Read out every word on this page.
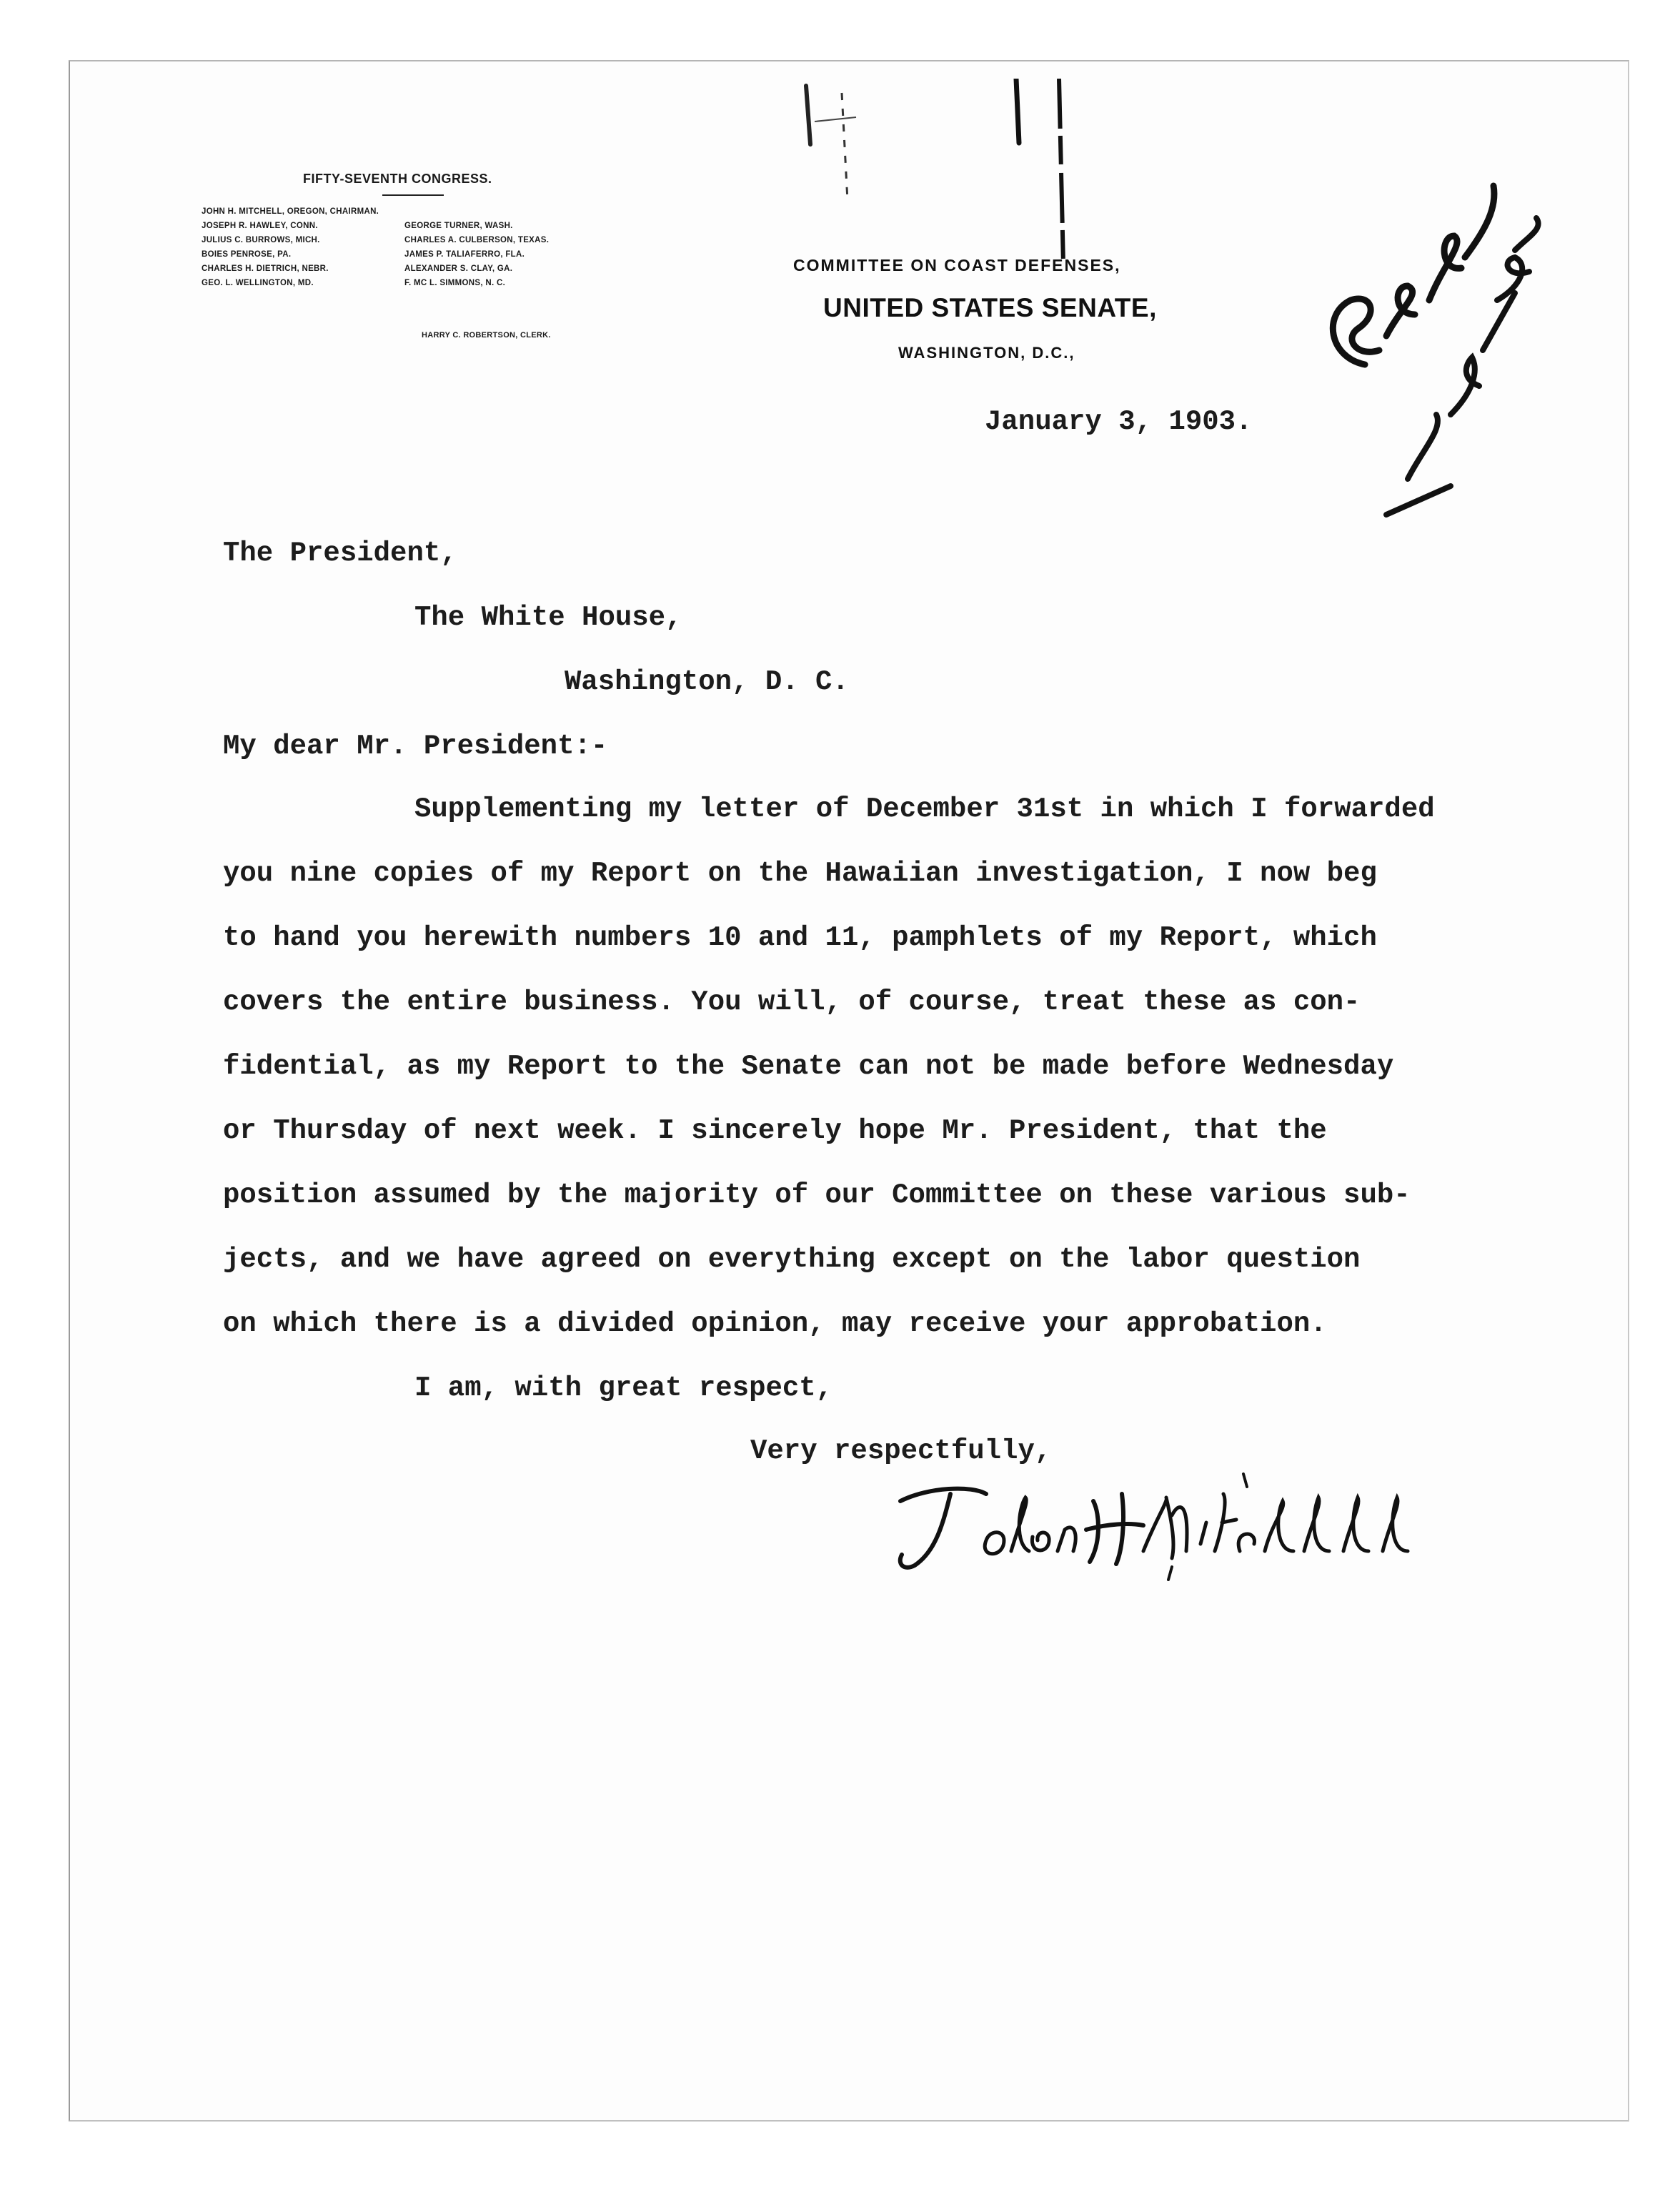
FIFTY-SEVENTH CONGRESS.
JOHN H. MITCHELL, OREGON, CHAIRMAN.
JOSEPH R. HAWLEY, CONN.	GEORGE TURNER, WASH.
JULIUS C. BURROWS, MICH.	CHARLES A. CULBERSON, TEXAS.
BOIES PENROSE, PA.	JAMES P. TALIAFERRO, FLA.
CHARLES H. DIETRICH, NEBR.	ALEXANDER S. CLAY, GA.
GEO. L. WELLINGTON, MD.	F. MC L. SIMMONS, N. C.
HARRY C. ROBERTSON, CLERK.
COMMITTEE ON COAST DEFENSES,
UNITED STATES SENATE,
WASHINGTON, D.C.,
January 3, 1903.
The President,
The White House,
Washington, D. C.
My dear Mr. President:-
Supplementing my letter of December 31st in which I forwarded
you nine copies of my Report on the Hawaiian investigation, I now beg
to hand you herewith numbers 10 and 11, pamphlets of my Report, which
covers the entire business. You will, of course, treat these as con-
fidential, as my Report to the Senate can not be made before Wednesday
or Thursday of next week. I sincerely hope Mr. President, that the
position assumed by the majority of our Committee on these various sub-
jects, and we have agreed on everything except on the labor question
on which there is a divided opinion, may receive your approbation.
I am, with great respect,
Very respectfully,
